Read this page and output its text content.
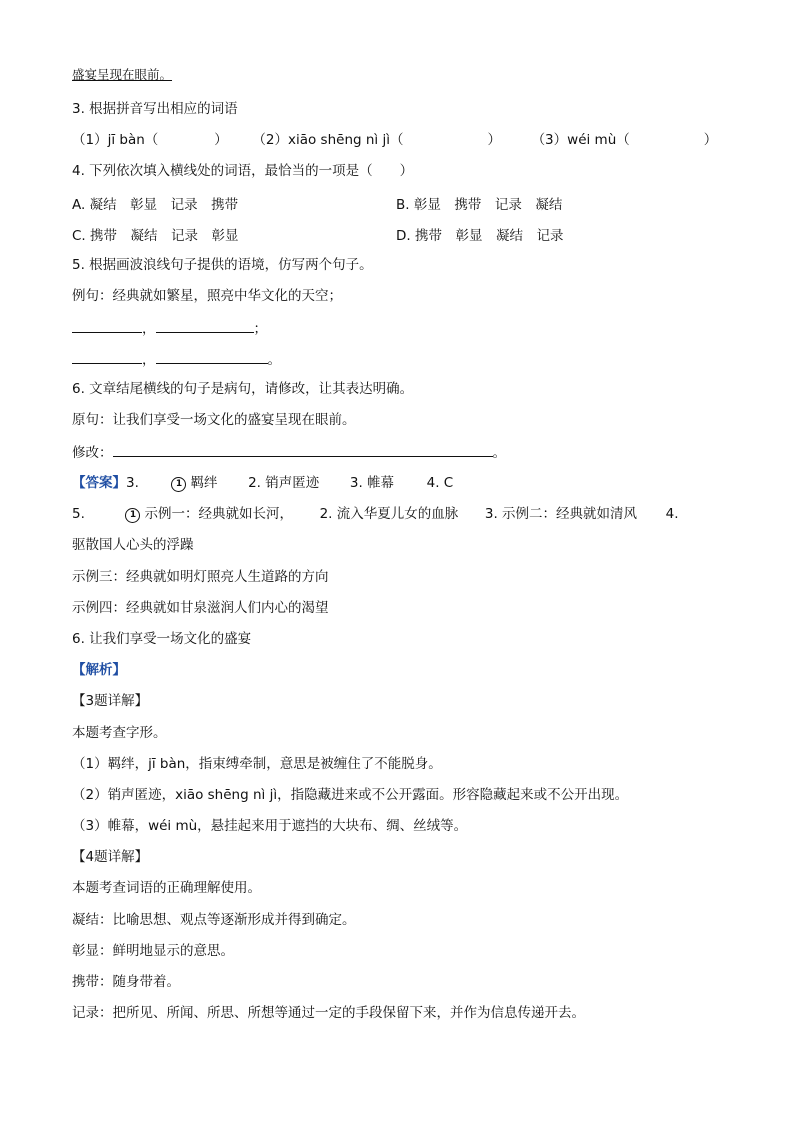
盛宴呈现在眼前。
3. 根据拼音写出相应的词语
（1）jī bàn（	） （2）xiāo shēng nì jì（	） （3）wéi mù（	）
4. 下列依次填入横线处的词语，最恰当的一项是（　　）
A. 凝结　彰显　记录　携带	B. 彰显　携带　记录　凝结
C. 携带　凝结　记录　彰显	D. 携带　彰显　凝结　记录
5. 根据画波浪线句子提供的语境，仿写两个句子。
例句：经典就如繁星，照亮中华文化的天空；
，	；
，	。
6. 文章结尾横线的句子是病句，请修改，让其表达明确。
原句：让我们享受一场文化的盛宴呈现在眼前。
修改：	。
【答案】3.	1 羁绊 2. 销声匿迹 3. 帷幕 4. C
5.	1 示例一：经典就如长河， 2. 流入华夏儿女的血脉 3. 示例二：经典就如清风 4.
驱散国人心头的浮躁
示例三：经典就如明灯照亮人生道路的方向
示例四：经典就如甘泉滋润人们内心的渴望
6. 让我们享受一场文化的盛宴
【解析】
【3题详解】
本题考查字形。
（1）羁绊，jī bàn，指束缚牵制，意思是被缠住了不能脱身。
（2）销声匿迹，xiāo shēng nì jì，指隐藏进来或不公开露面。形容隐藏起来或不公开出现。
（3）帷幕，wéi mù，悬挂起来用于遮挡的大块布、绸、丝绒等。
【4题详解】
本题考查词语的正确理解使用。
凝结：比喻思想、观点等逐渐形成并得到确定。
彰显：鲜明地显示的意思。
携带：随身带着。
记录：把所见、所闻、所思、所想等通过一定的手段保留下来，并作为信息传递开去。
